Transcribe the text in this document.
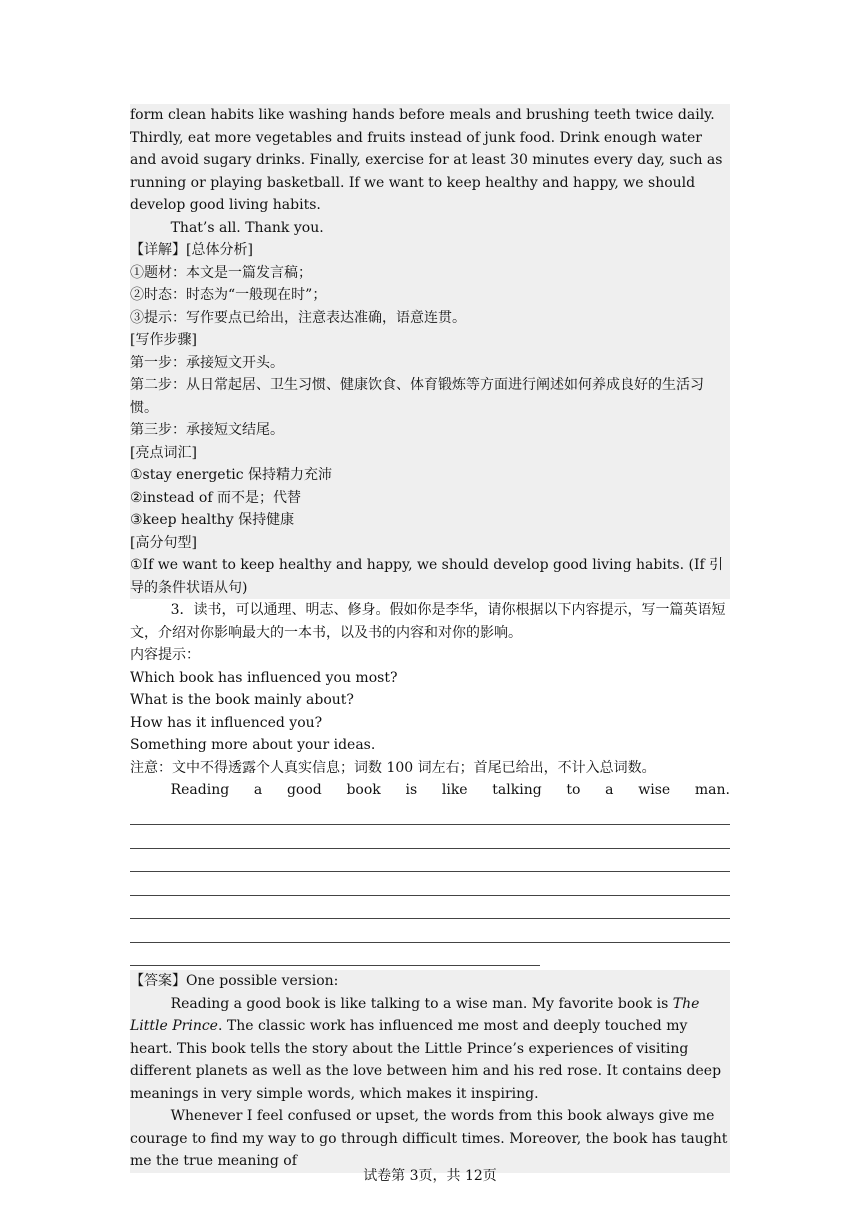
form clean habits like washing hands before meals and brushing teeth twice daily. Thirdly, eat more vegetables and fruits instead of junk food. Drink enough water and avoid sugary drinks. Finally, exercise for at least 30 minutes every day, such as running or playing basketball. If we want to keep healthy and happy, we should develop good living habits.

That’s all. Thank you.

【详解】[总体分析]

①题材：本文是一篇发言稿；

②时态：时态为“一般现在时”；

③提示：写作要点已给出，注意表达准确，语意连贯。

[写作步骤]

第一步：承接短文开头。

第二步：从日常起居、卫生习惯、健康饮食、体育锻炼等方面进行阐述如何养成良好的生活习惯。

第三步：承接短文结尾。

[亮点词汇]

①stay energetic 保持精力充沛

②instead of 而不是；代替

③keep healthy 保持健康

[高分句型]

①If we want to keep healthy and happy, we should develop good living habits. (If 引导的条件状语从句)

3．读书，可以通理、明志、修身。假如你是李华，请你根据以下内容提示，写一篇英语短文，介绍对你影响最大的一本书，以及书的内容和对你的影响。

内容提示：

Which book has influenced you most?

What is the book mainly about?

How has it influenced you?

Something more about your ideas.

注意：文中不得透露个人真实信息；词数 100 词左右；首尾已给出，不计入总词数。

Reading a good book is like talking to a wise man.

【答案】One possible version:

Reading a good book is like talking to a wise man. My favorite book is The Little Prince. The classic work has influenced me most and deeply touched my heart. This book tells the story about the Little Prince’s experiences of visiting different planets as well as the love between him and his red rose. It contains deep meanings in very simple words, which makes it inspiring.

Whenever I feel confused or upset, the words from this book always give me courage to find my way to go through difficult times. Moreover, the book has taught me the true meaning of

试卷第 3页，共 12页
